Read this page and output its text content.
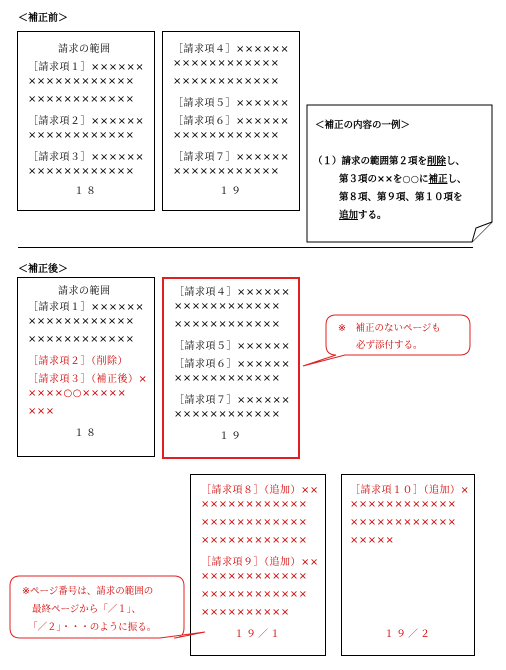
＜補正前＞
請求の範囲
［請求項１］××××××
××××××××××××
××××××××××××
［請求項２］××××××
××××××××××××
［請求項３］××××××
××××××××××××
１８
［請求項４］××××××
××××××××××××
××××××××××××
［請求項５］××××××
［請求項６］××××××
××××××××××××
［請求項７］××××××
××××××××××××
１９
＜補正の内容の一例＞
（１）請求の範囲第２項を削除し、
第３項の××を○○に補正し、
第８項、第９項、第１０項を
追加する。
＜補正後＞
請求の範囲
［請求項１］××××××
××××××××××××
××××××××××××
［請求項２］（削除）
［請求項３］（補正後）×
××××○○×××××
×××
１８
［請求項４］××××××
××××××××××××
××××××××××××
［請求項５］××××××
［請求項６］××××××
××××××××××××
［請求項７］××××××
××××××××××××
１９
※　補正のないページも
必ず添付する。
［請求項８］（追加）××
××××××××××××
××××××××××××
××××××××××××
［請求項９］（追加）××
××××××××××××
××××××××××××
××××××××××
１９／１
［請求項１０］（追加）×
××××××××××××
××××××××××××
×××××
１９／２
※ページ番号は、請求の範囲の
最終ページから「／１」、
「／２」・・・のように振る。
